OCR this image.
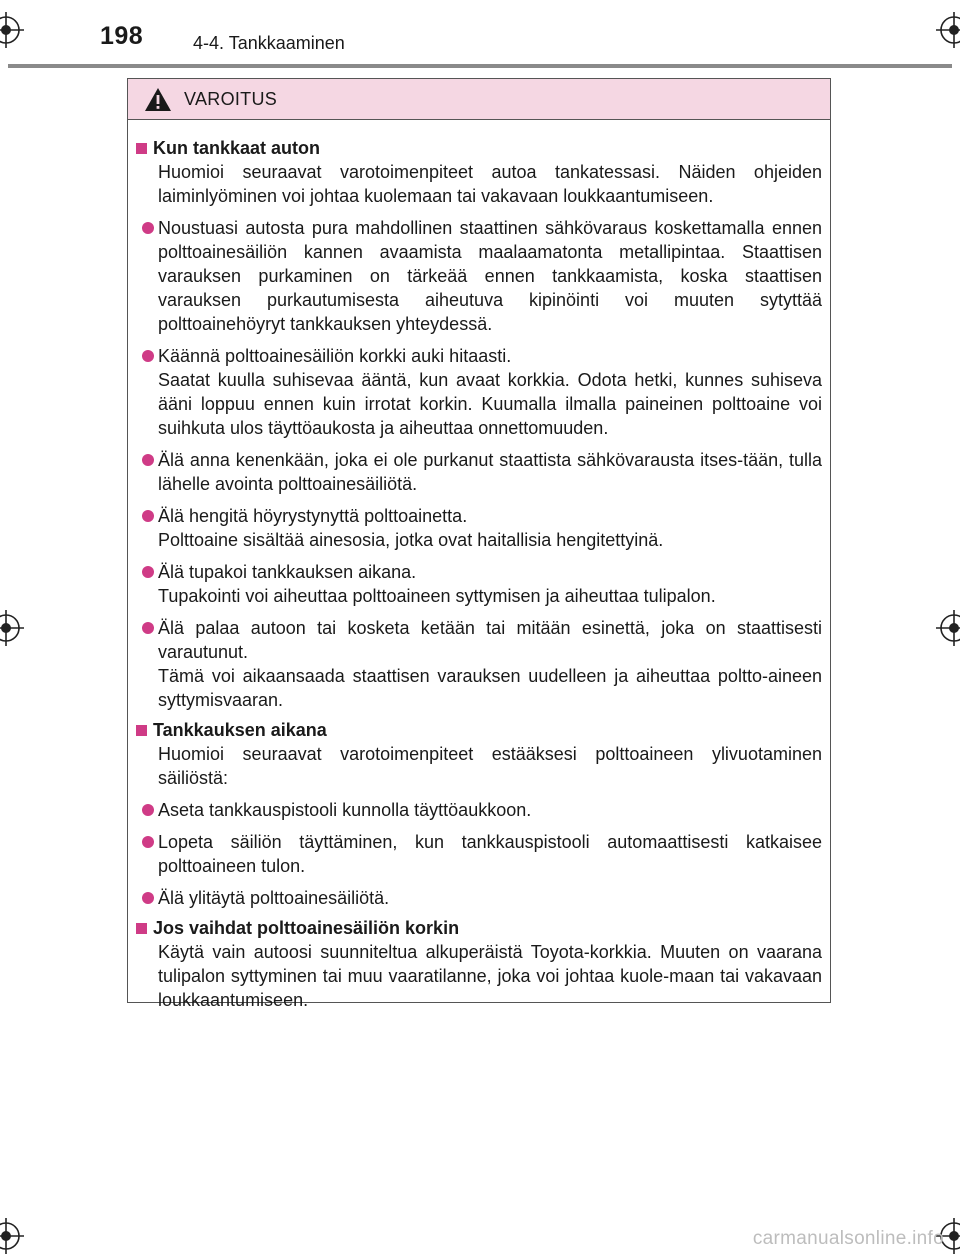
198	4-4. Tankkaaminen
VAROITUS
Kun tankkaat auton

Huomioi seuraavat varotoimenpiteet autoa tankatessasi. Näiden ohjeiden laiminlyöminen voi johtaa kuolemaan tai vakavaan loukkaantumiseen.

Noustuasi autosta pura mahdollinen staattinen sähkövaraus koskettamalla ennen polttoainesäiliön kannen avaamista maalaamatonta metallipintaa. Staattisen varauksen purkaminen on tärkeää ennen tankkaamista, koska staattisen varauksen purkautumisesta aiheutuva kipinöinti voi muuten sytyttää polttoainehöyryt tankkauksen yhteydessä.

Käännä polttoainesäiliön korkki auki hitaasti.

Saatat kuulla suhisevaa ääntä, kun avaat korkkia. Odota hetki, kunnes suhiseva ääni loppuu ennen kuin irrotat korkin. Kuumalla ilmalla paineinen polttoaine voi suihkuta ulos täyttöaukosta ja aiheuttaa onnettomuuden.

Älä anna kenenkään, joka ei ole purkanut staattista sähkövarausta itses-tään, tulla lähelle avointa polttoainesäiliötä.

Älä hengitä höyrystynyttä polttoainetta.

Polttoaine sisältää ainesosia, jotka ovat haitallisia hengitettyinä.

Älä tupakoi tankkauksen aikana.

Tupakointi voi aiheuttaa polttoaineen syttymisen ja aiheuttaa tulipalon.

Älä palaa autoon tai kosketa ketään tai mitään esinettä, joka on staattisesti varautunut.

Tämä voi aikaansaada staattisen varauksen uudelleen ja aiheuttaa poltto-aineen syttymisvaaran.

Tankkauksen aikana

Huomioi seuraavat varotoimenpiteet estääksesi polttoaineen ylivuotaminen säiliöstä:

Aseta tankkauspistooli kunnolla täyttöaukkoon.

Lopeta säiliön täyttäminen, kun tankkauspistooli automaattisesti katkaisee polttoaineen tulon.

Älä ylitäytä polttoainesäiliötä.

Jos vaihdat polttoainesäiliön korkin

Käytä vain autoosi suunniteltua alkuperäistä Toyota-korkkia. Muuten on vaarana tulipalon syttyminen tai muu vaaratilanne, joka voi johtaa kuole-maan tai vakavaan loukkaantumiseen.

carmanualsonline.info
